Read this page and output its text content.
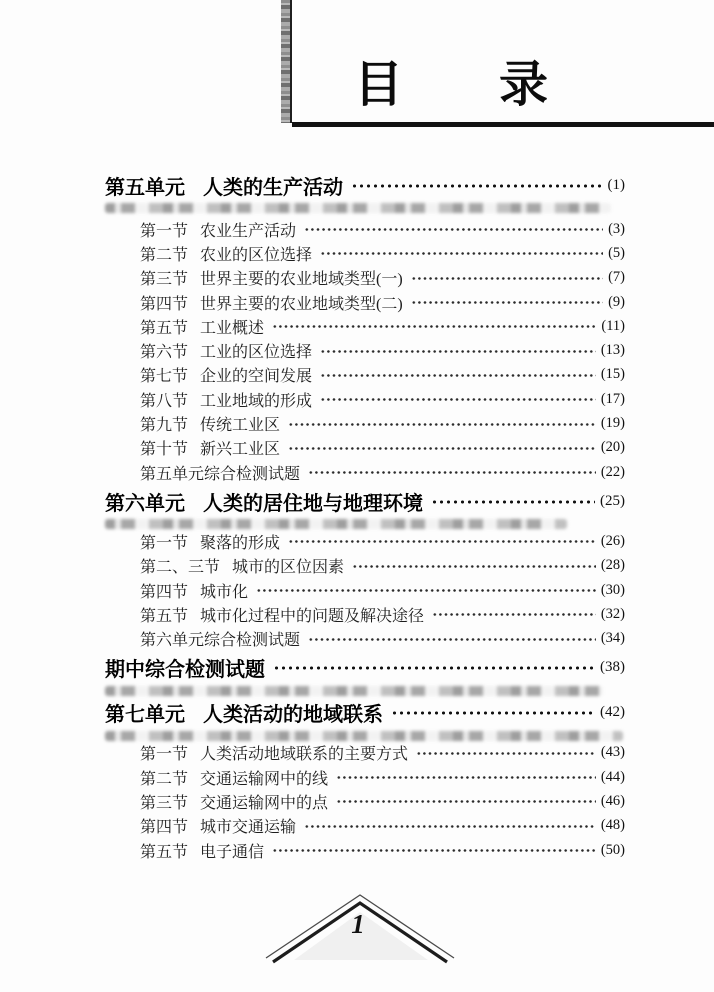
目 录
第五单元 人类的生产活动	(1)
第一节 农业生产活动	(3)
第二节 农业的区位选择	(5)
第三节 世界主要的农业地域类型(一)	(7)
第四节 世界主要的农业地域类型(二)	(9)
第五节 工业概述	(11)
第六节 工业的区位选择	(13)
第七节 企业的空间发展	(15)
第八节 工业地域的形成	(17)
第九节 传统工业区	(19)
第十节 新兴工业区	(20)
第五单元综合检测试题	(22)
第六单元 人类的居住地与地理环境	(25)
第一节 聚落的形成	(26)
第二、三节 城市的区位因素	(28)
第四节 城市化	(30)
第五节 城市化过程中的问题及解决途径	(32)
第六单元综合检测试题	(34)
期中综合检测试题	(38)
第七单元 人类活动的地域联系	(42)
第一节 人类活动地域联系的主要方式	(43)
第二节 交通运输网中的线	(44)
第三节 交通运输网中的点	(46)
第四节 城市交通运输	(48)
第五节 电子通信	(50)
1
